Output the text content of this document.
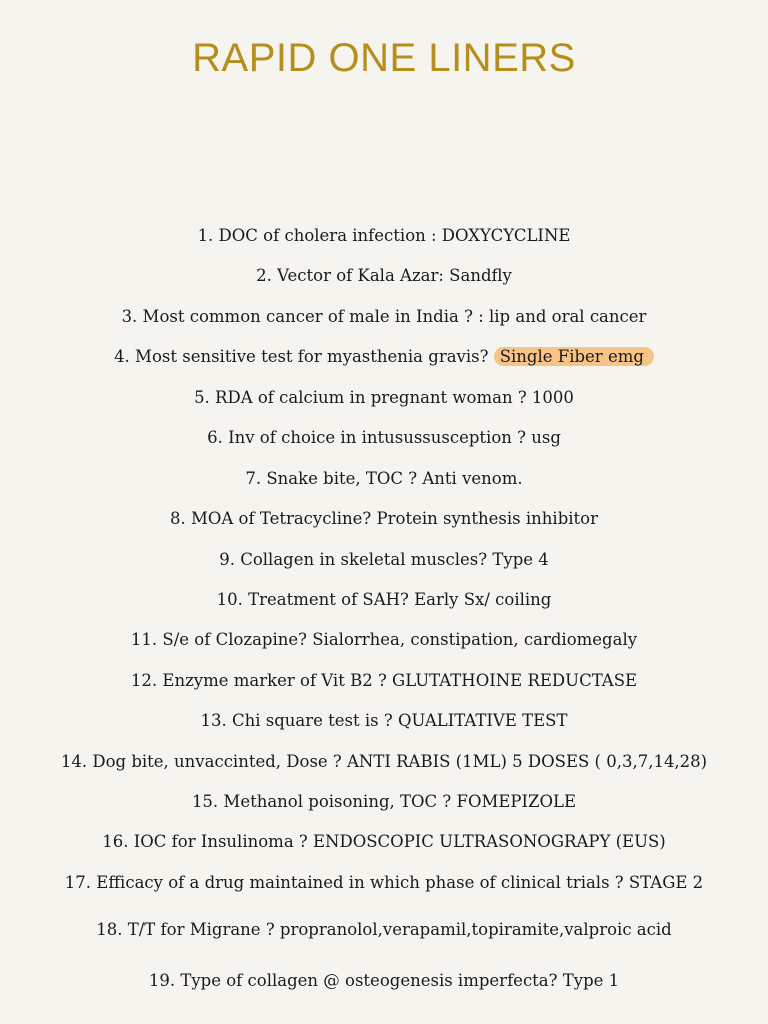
RAPID ONE LINERS
1. DOC of cholera infection : DOXYCYCLINE
2. Vector of Kala Azar: Sandfly
3. Most common cancer of male in India ? : lip and oral cancer
4. Most sensitive test for myasthenia gravis? Single Fiber emg
5. RDA of calcium in pregnant woman ? 1000
6. Inv of choice in intusussusception ? usg
7. Snake bite, TOC ? Anti venom.
8. MOA of Tetracycline? Protein synthesis inhibitor
9. Collagen in skeletal muscles? Type 4
10. Treatment of SAH? Early Sx/ coiling
11. S/e of Clozapine? Sialorrhea, constipation, cardiomegaly
12. Enzyme marker of Vit B2 ? GLUTATHOINE REDUCTASE
13. Chi square test is ? QUALITATIVE TEST
14. Dog bite, unvaccinted, Dose ? ANTI RABIS (1ML) 5 DOSES ( 0,3,7,14,28)
15. Methanol poisoning, TOC ? FOMEPIZOLE
16. IOC for Insulinoma ? ENDOSCOPIC ULTRASONOGRAPY (EUS)
17. Efficacy of a drug maintained in which phase of clinical trials ? STAGE 2
18. T/T for Migrane ? propranolol,verapamil,topiramite,valproic acid
19. Type of collagen @ osteogenesis imperfecta? Type 1
